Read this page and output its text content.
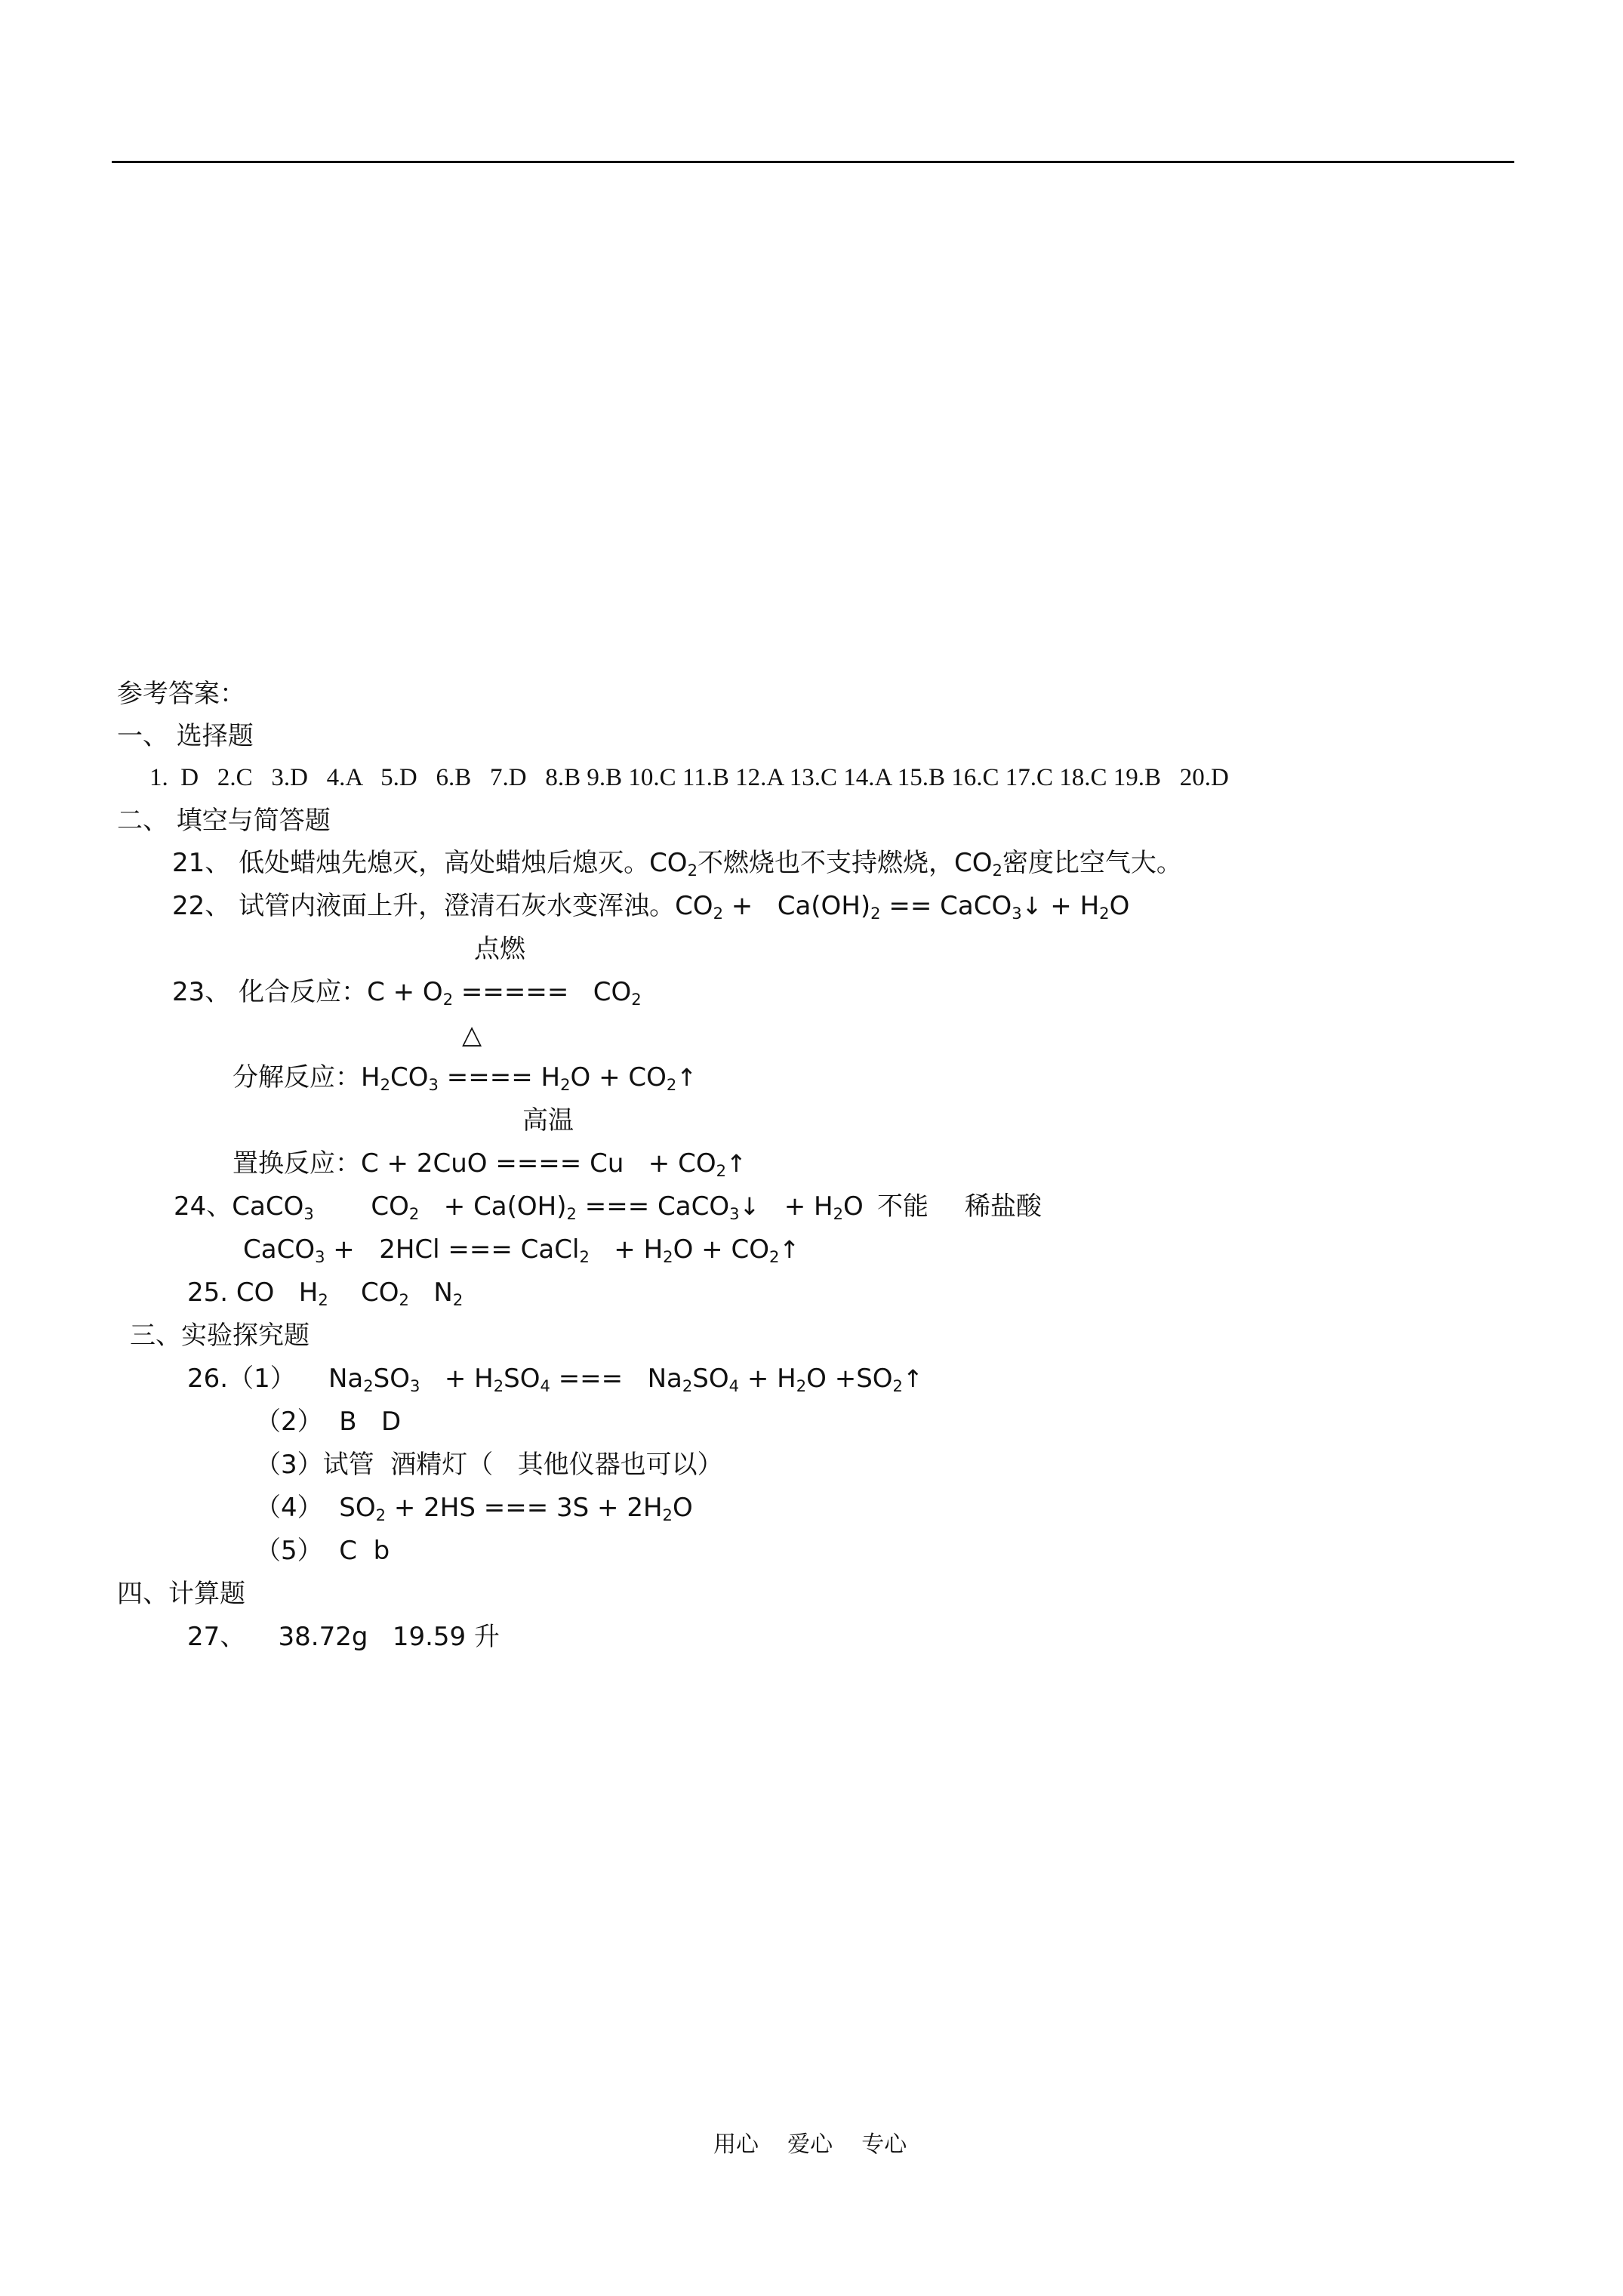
参考答案：
一、 选择题
1.  D   2.C   3.D   4.A   5.D   6.B   7.D   8.B 9.B 10.C 11.B 12.A 13.C 14.A 15.B 16.C 17.C 18.C 19.B   20.D
二、 填空与简答题
21、 低处蜡烛先熄灭，高处蜡烛后熄灭。$CO_2$不燃烧也不支持燃烧，$CO_2$密度比空气大。
22、 试管内液面上升，澄清石灰水变浑浊。$CO_2 + Ca(OH)_2$ == CaCO$_3$↓ + $H_2O$
点燃
23、 化合反应：$C + O_2$ =====   $CO_2$
△
分解反应：$H_2CO_3$ ==== $H_2O$ + $CO_2↑$
高温
置换反应：C + 2CuO ==== $Cu + CO_2↑$
24、CaCO$_3$       $CO_2 + Ca(OH)_2$ === CaCO$_3$↓   + $H_2O$ 不能 稀盐酸
CaCO$_3$ +   2HCl === CaCl$_2$   + $H_2O$ + $CO_2↑$
25. CO   $H_2$    $CO_2$   $N_2$
三、实验探究题
26.（1）    $Na_2SO_3 + H_2SO_4$ ===   $Na_2SO_4 + H_2O$ $+SO_2↑$
（2）  B   D
（3）试管  酒精灯（   其他仪器也可以）
（4）  $SO_2 + 2HS$ === $3S + 2H_2O$
（5）  C  b
四、计算题
27、    38.72g   19.59 升
用心    爱心    专心
